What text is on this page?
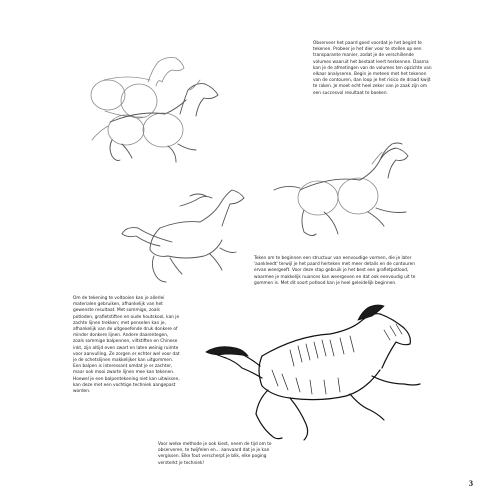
Observeer het paard goed voordat je het begint te tekenen. Probeer je het dier voor te stellen op een transparante manier, zodat je de verschillende volumes waaruit het bestaat leert herkennen. Daarna kan je de afmetingen van de volumes ten opzichte van elkaar analyseren. Begin je meteen met het tekenen van de contouren, dan loop je het risico de draad kwijt te raken. Je moet echt heel zeker van je zaak zijn om een succesvol resultaat te boeken.

Teken om te beginnen een structuur van eenvoudige vormen, die je later 'aankleedt' terwijl je het paard herteken met meer details en de contouren ervan weergeeft. Voor deze stap gebruik je het best een grafietpotlood, waarmee je makkelijk nuances kan weergeven en dat ook eenvoudig uit te gommen is. Met dit soort potlood kan je heel geleidelijk beginnen.

Om de tekening te voltooien kan je allerlei materialen gebruiken, afhankelijk van het gewenste resultaat. Met sommige, zoals potloden, grafietstiften en oude houtskool, kan je zachte lijnen trekken; met penselen kan je, afhankelijk van de uitgeoefende druk donkere of minder donkere lijnen. Andere daarentegen, zoals sommige balpennen, viltstiften en Chinese inkt, zijn altijd even zwart en laten weinig ruimte voor aanvulling. Ze zorgen er echter wel voor dat je de schetslijnen makkelijker kan uitgommen. Een balpen is interessant omdat je er zachter, maar ook mooi zwarte lijnen mee kan tekenen. Hoewel je een balpentekening niet kan uitwissen, kan deze met een vochtige techniek aangepast worden.

Voor welke methode je ook kiest, neem de tijd om te observeren, te twijfelen en... aanvaard dat je je kan vergissen. Elke fout verscherpt je blik, elke poging versterkt je techniek!

3
